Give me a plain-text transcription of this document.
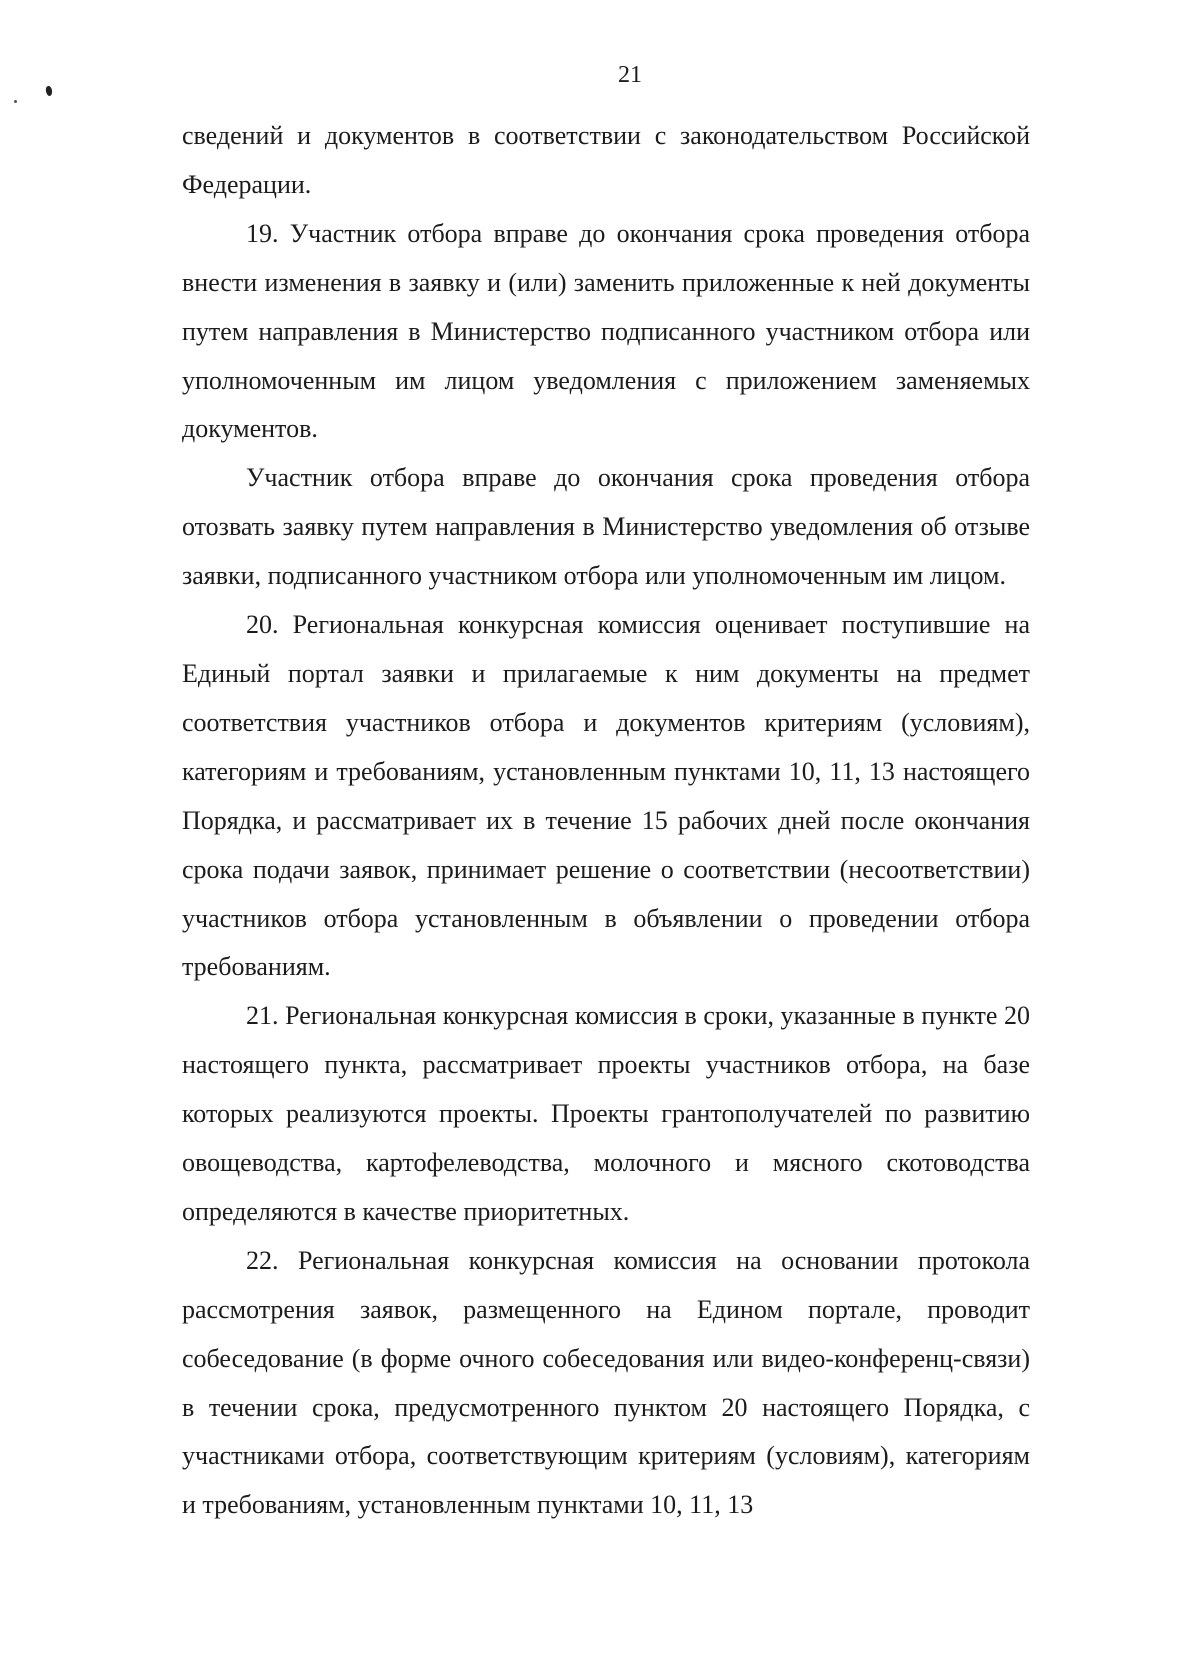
21

сведений и документов в соответствии с законодательством Российской Федерации.

19. Участник отбора вправе до окончания срока проведения отбора внести изменения в заявку и (или) заменить приложенные к ней документы путем направления в Министерство подписанного участником отбора или уполномоченным им лицом уведомления с приложением заменяемых документов.

Участник отбора вправе до окончания срока проведения отбора отозвать заявку путем направления в Министерство уведомления об отзыве заявки, подписанного участником отбора или уполномоченным им лицом.

20. Региональная конкурсная комиссия оценивает поступившие на Единый портал заявки и прилагаемые к ним документы на предмет соответствия участников отбора и документов критериям (условиям), категориям и требованиям, установленным пунктами 10, 11, 13 настоящего Порядка, и рассматривает их в течение 15 рабочих дней после окончания срока подачи заявок, принимает решение о соответствии (несоответствии) участников отбора установленным в объявлении о проведении отбора требованиям.

21. Региональная конкурсная комиссия в сроки, указанные в пункте 20 настоящего пункта, рассматривает проекты участников отбора, на базе которых реализуются проекты. Проекты грантополучателей по развитию овощеводства, картофелеводства, молочного и мясного скотоводства определяются в качестве приоритетных.

22. Региональная конкурсная комиссия на основании протокола рассмотрения заявок, размещенного на Едином портале, проводит собеседование (в форме очного собеседования или видео-конференц-связи) в течении срока, предусмотренного пунктом 20 настоящего Порядка, с участниками отбора, соответствующим критериям (условиям), категориям и требованиям, установленным пунктами 10, 11, 13
